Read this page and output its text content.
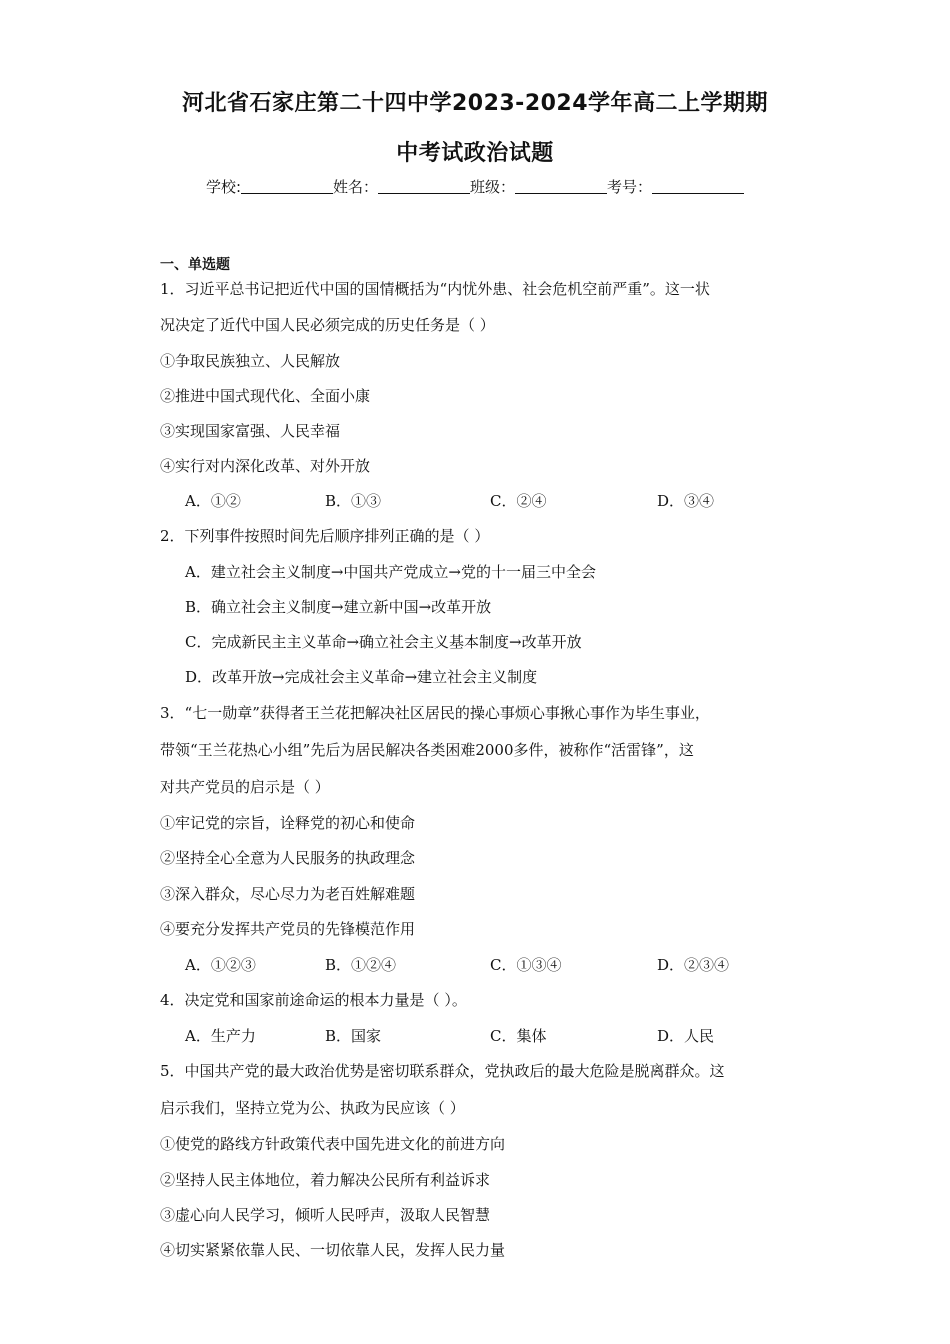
河北省石家庄第二十四中学2023-2024学年高二上学期期
中考试政治试题
学校:	姓名：	班级：	考号：
一、单选题
1．习近平总书记把近代中国的国情概括为“内忧外患、社会危机空前严重”。这一状
况决定了近代中国人民必须完成的历史任务是（ ）
①争取民族独立、人民解放
②推进中国式现代化、全面小康
③实现国家富强、人民幸福
④实行对内深化改革、对外开放
A．①②	B．①③	C．②④	D．③④
2．下列事件按照时间先后顺序排列正确的是（ ）
A．建立社会主义制度→中国共产党成立→党的十一届三中全会
B．确立社会主义制度→建立新中国→改革开放
C．完成新民主主义革命→确立社会主义基本制度→改革开放
D．改革开放→完成社会主义革命→建立社会主义制度
3．“七一勋章”获得者王兰花把解决社区居民的操心事烦心事揪心事作为毕生事业，
带领“王兰花热心小组”先后为居民解决各类困难2000多件，被称作“活雷锋”，这
对共产党员的启示是（ ）
①牢记党的宗旨，诠释党的初心和使命
②坚持全心全意为人民服务的执政理念
③深入群众，尽心尽力为老百姓解难题
④要充分发挥共产党员的先锋模范作用
A．①②③	B．①②④	C．①③④	D．②③④
4．决定党和国家前途命运的根本力量是（ ）。
A．生产力	B．国家	C．集体	D．人民
5．中国共产党的最大政治优势是密切联系群众，党执政后的最大危险是脱离群众。这
启示我们，坚持立党为公、执政为民应该（ ）
①使党的路线方针政策代表中国先进文化的前进方向
②坚持人民主体地位，着力解决公民所有利益诉求
③虚心向人民学习，倾听人民呼声，汲取人民智慧
④切实紧紧依靠人民、一切依靠人民，发挥人民力量
